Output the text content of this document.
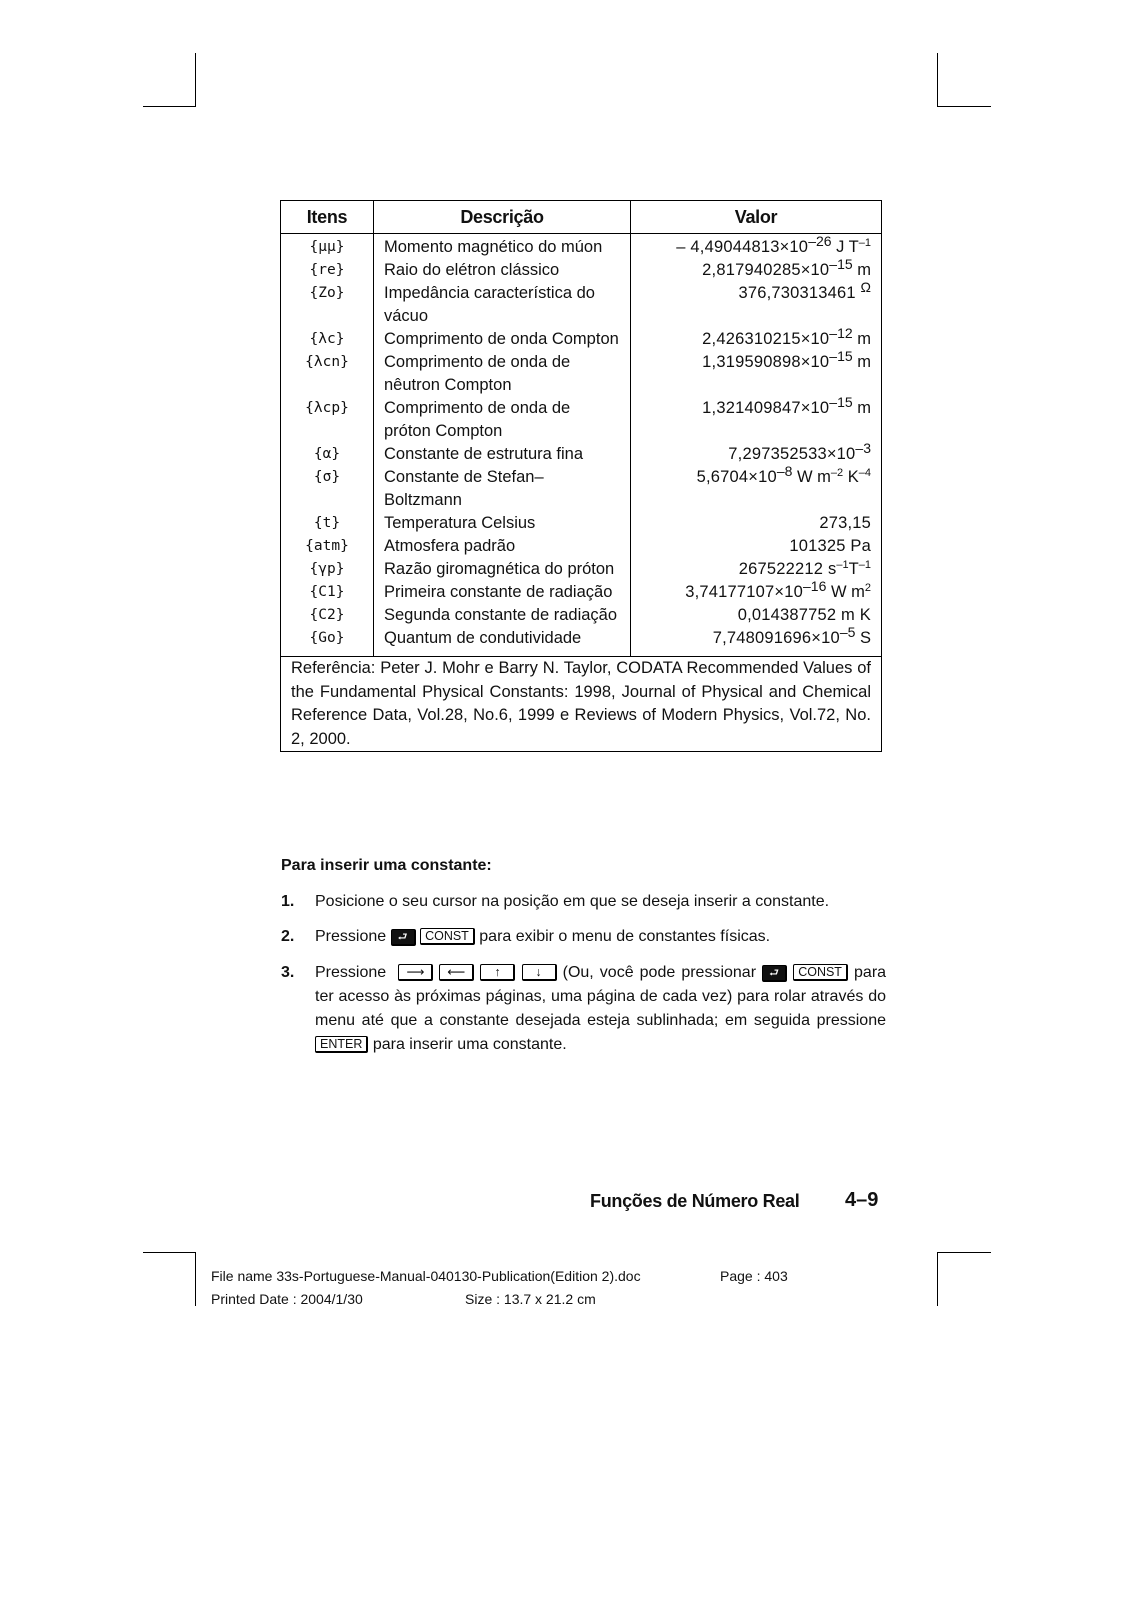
Itens	Descrição	Valor
{μμ}	Momento magnético do múon	– $4,49044813\times 10^{-26}$ J $T^{-1}$
{re}	Raio do elétron clássico	$2,817940285\times 10^{-15}$ m
{Zo}	Impedância característica do vácuo	376,730313461 $^\Omega$
{λc}	Comprimento de onda Compton	$2,426310215\times 10^{-12}$ m
{λcn}	Comprimento de onda de nêutron Compton	$1,319590898\times 10^{-15}$ m
{λcp}	Comprimento de onda de próton Compton	$1,321409847\times 10^{-15}$ m
{α}	Constante de estrutura fina	$7,297352533\times 10^{-3}$
{σ}	Constante de Stefan–Boltzmann	$5,6704\times 10^{-8}$ W $m^{-2}$ $K^{-4}$
{t}	Temperatura Celsius	273,15
{atm}	Atmosfera padrão	101325 Pa
{γp}	Razão giromagnética do próton	267522212 $s^{-1}T^{-1}$
{C1}	Primeira constante de radiação	$3,74177107\times 10^{-16}$ W $m^2$
{C2}	Segunda constante de radiação	0,014387752 m K
{Go}	Quantum de condutividade	$7,748091696\times 10^{-5}$ S
Referência: Peter J. Mohr e Barry N. Taylor, CODATA Recommended Values of the Fundamental Physical Constants: 1998, Journal of Physical and Chemical Reference Data, Vol.28, No.6, 1999 e Reviews of Modern Physics, Vol.72, No. 2, 2000.		
Para inserir uma constante:
1. Posicione o seu cursor na posição em que se deseja inserir a constante.
2. Pressione ⮐ CONST para exibir o menu de constantes físicas.
3. Pressione ⟶ ⟵ ↑	↓ (Ou, você pode pressionar ⮐ CONST para ter acesso às próximas páginas, uma página de cada vez) para rolar através do menu até que a constante desejada esteja sublinhada; em seguida pressione ENTER para inserir uma constante.
Funções de Número Real 4–9
File name 33s-Portuguese-Manual-040130-Publication(Edition 2).doc	Page : 403
Printed Date : 2004/1/30	Size : 13.7 x 21.2 cm
